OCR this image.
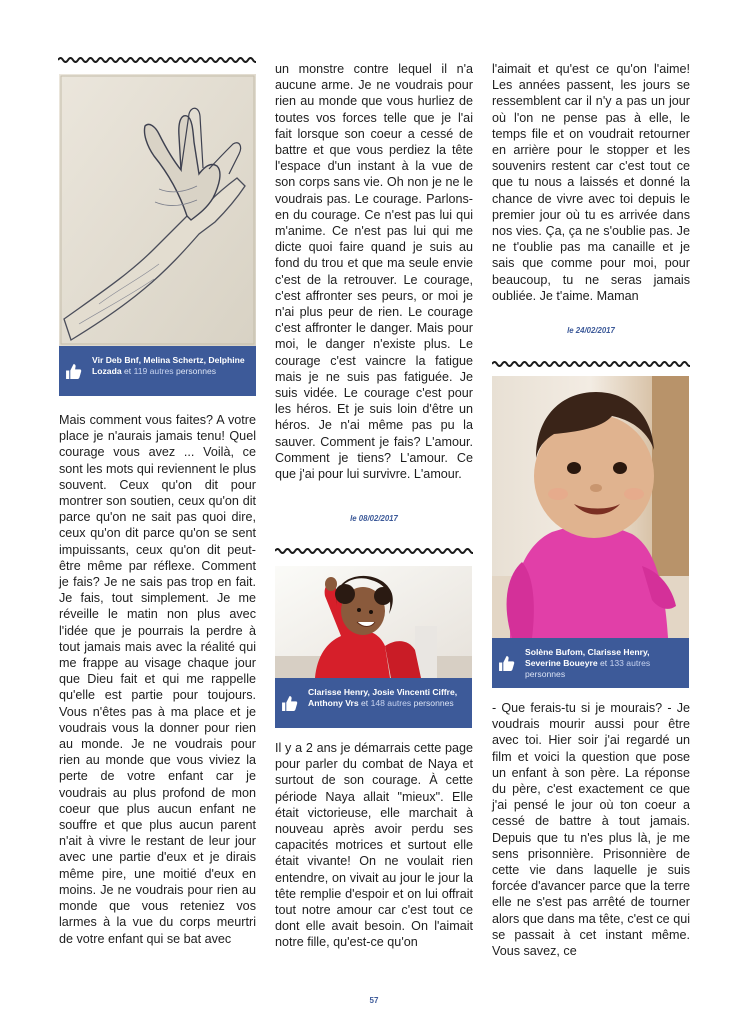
Vir Deb Bnf, Melina Schertz, Delphine Lozada et 119 autres personnes

Mais comment vous faites? A votre place je n'aurais jamais tenu! Quel courage vous avez ... Voilà, ce sont les mots qui reviennent le plus souvent. Ceux qu'on dit pour montrer son soutien, ceux qu'on dit parce qu'on ne sait pas quoi dire, ceux qu'on dit parce qu'on se sent impuissants, ceux qu'on dit peut-être même par réflexe. Comment je fais? Je ne sais pas trop en fait. Je fais, tout simplement. Je me réveille le matin non plus avec l'idée que je pourrais la perdre à tout jamais mais avec la réalité qui me frappe au visage chaque jour que Dieu fait et qui me rappelle qu'elle est partie pour toujours. Vous n'êtes pas à ma place et je voudrais vous la donner pour rien au monde. Je ne voudrais pour rien au monde que vous viviez la perte de votre enfant car je voudrais au plus profond de mon coeur que plus aucun enfant ne souffre et que plus aucun parent n'ait à vivre le restant de leur jour avec une partie d'eux et je dirais même pire, une moitié d'eux en moins. Je ne voudrais pour rien au monde que vous reteniez vos larmes à la vue du corps meurtri de votre enfant qui se bat avec

un monstre contre lequel il n'a aucune arme. Je ne voudrais pour rien au monde que vous hurliez de toutes vos forces telle que je l'ai fait lorsque son coeur a cessé de battre et que vous perdiez la tête l'espace d'un instant à la vue de son corps sans vie. Oh non je ne le voudrais pas. Le courage. Parlons-en du courage. Ce n'est pas lui qui m'anime. Ce n'est pas lui qui me dicte quoi faire quand je suis au fond du trou et que ma seule envie c'est de la retrouver. Le courage, c'est affronter ses peurs, or moi je n'ai plus peur de rien. Le courage c'est affronter le danger. Mais pour moi, le danger n'existe plus. Le courage c'est vaincre la fatigue mais je ne suis pas fatiguée. Je suis vidée. Le courage c'est pour les héros. Et je suis loin d'être un héros. Je n'ai même pas pu la sauver. Comment je fais? L'amour. Comment je tiens? L'amour. Ce que j'ai pour lui survivre. L'amour.

le 08/02/2017
Clarisse Henry, Josie Vincenti Ciffre, Anthony Vrs et 148 autres personnes

Il y a 2 ans je démarrais cette page pour parler du combat de Naya et surtout de son courage. À cette période Naya allait "mieux". Elle était victorieuse, elle marchait à nouveau après avoir perdu ses capacités motrices et surtout elle était vivante! On ne voulait rien entendre, on vivait au jour le jour la tête remplie d'espoir et on lui offrait tout notre amour car c'est tout ce dont elle avait besoin. On l'aimait notre fille, qu'est-ce qu'on

l'aimait et qu'est ce qu'on l'aime! Les années passent, les jours se ressemblent car il n'y a pas un jour où l'on ne pense pas à elle, le temps file et on voudrait retourner en arrière pour le stopper et les souvenirs restent car c'est tout ce que tu nous a laissés et donné la chance de vivre avec toi depuis le premier jour où tu es arrivée dans nos vies. Ça, ça ne s'oublie pas. Je ne t'oublie pas ma canaille et je sais que comme pour moi, pour beaucoup, tu ne seras jamais oubliée. Je t'aime. Maman

le 24/02/2017
Solène Bufom, Clarisse Henry, Severine Boueyre et 133 autres personnes

- Que ferais-tu si je mourais? - Je voudrais mourir aussi pour être avec toi. Hier soir j'ai regardé un film et voici la question que pose un enfant à son père. La réponse du père, c'est exactement ce que j'ai pensé le jour où ton coeur a cessé de battre à tout jamais. Depuis que tu n'es plus là, je me sens prisonnière. Prisonnière de cette vie dans laquelle je suis forcée d'avancer parce que la terre elle ne s'est pas arrêté de tourner alors que dans ma tête, c'est ce qui se passait à cet instant même. Vous savez, ce

57
